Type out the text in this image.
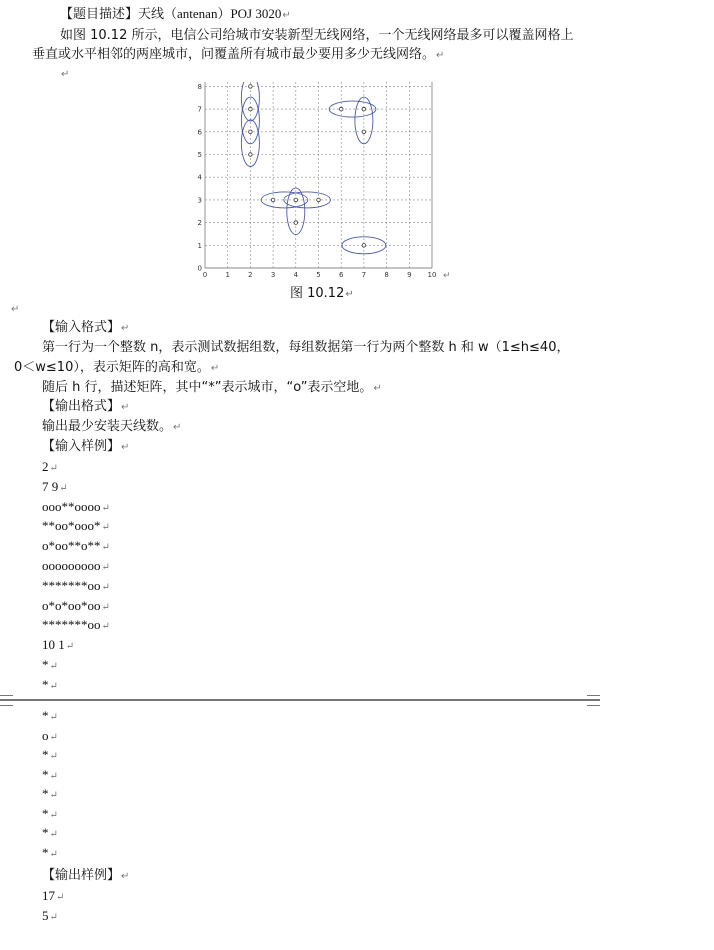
【题目描述】天线（antenan）POJ 3020↵
如图 10.12 所示，电信公司给城市安装新型无线网络，一个无线网络最多可以覆盖网格上
垂直或水平相邻的两座城市，问覆盖所有城市最少要用多少无线网络。↵
↵
0	1	2	3	4	5	6	7	8	9 10
0
1
2
3
4
5
6
7
8
↵
图 10.12↵
↵
【输入格式】↵
第一行为一个整数 n，表示测试数据组数，每组数据第一行为两个整数 h 和 w（1≤h≤40，
0＜w≤10），表示矩阵的高和宽。↵
随后 h 行，描述矩阵，其中“*”表示城市，“o”表示空地。↵
【输出格式】↵
输出最少安装天线数。↵
【输入样例】↵
2↵
7 9↵
ooo**oooo↵
**oo*ooo*↵
o*oo**o**↵
ooooooooo↵
*******oo↵
o*o*oo*oo↵
*******oo↵
10 1↵
*↵
*↵
*↵
o↵
*↵
*↵
*↵
*↵
*↵
*↵
【输出样例】↵
17↵
5↵
